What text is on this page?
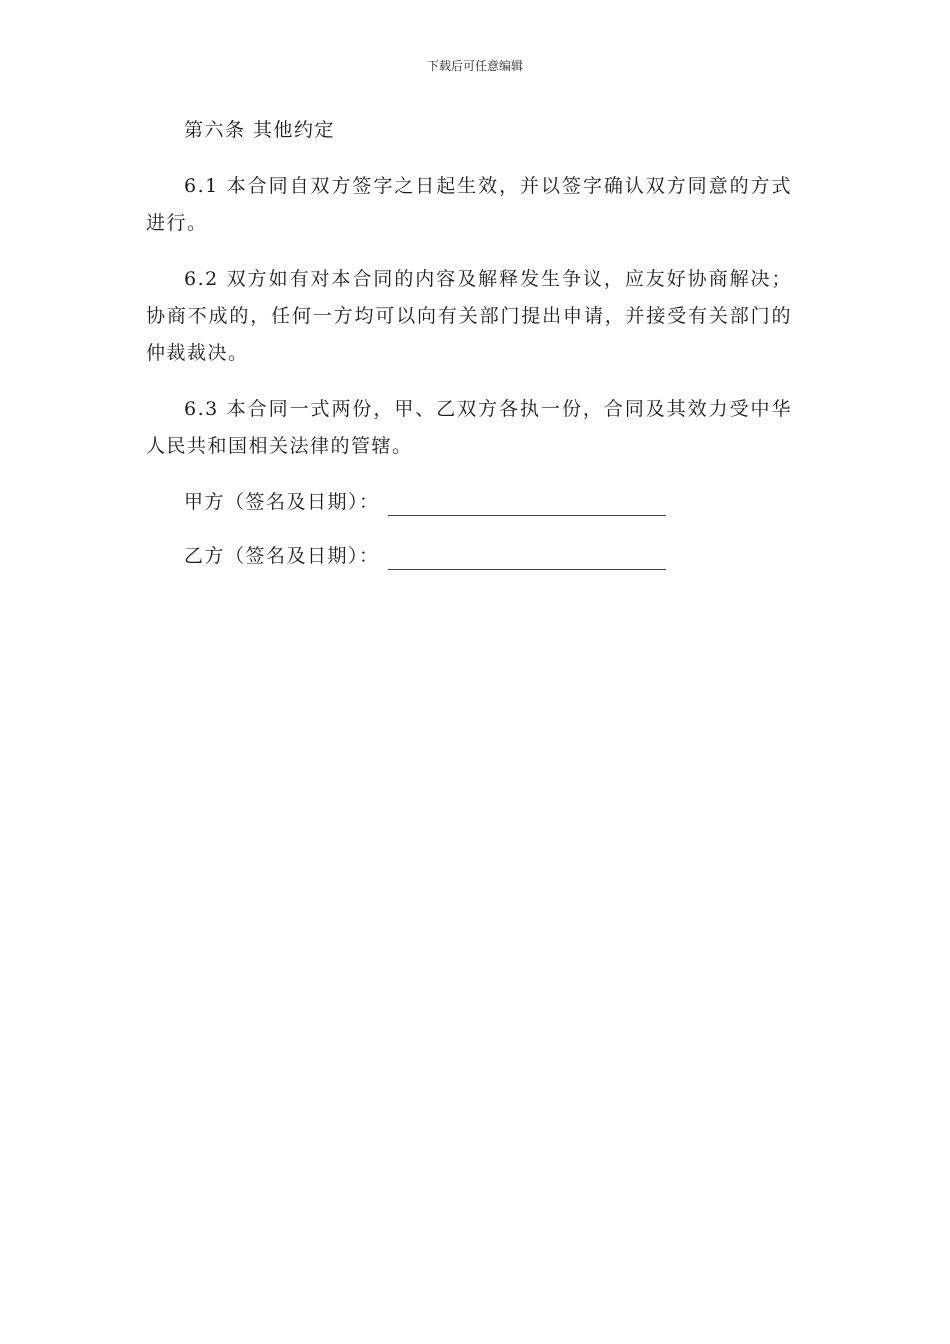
下载后可任意编辑

第六条 其他约定

6.1 本合同自双方签字之日起生效，并以签字确认双方同意的方式进行。

6.2 双方如有对本合同的内容及解释发生争议，应友好协商解决；协商不成的，任何一方均可以向有关部门提出申请，并接受有关部门的仲裁裁决。

6.3 本合同一式两份，甲、乙双方各执一份，合同及其效力受中华人民共和国相关法律的管辖。

甲方（签名及日期）：
乙方（签名及日期）：
